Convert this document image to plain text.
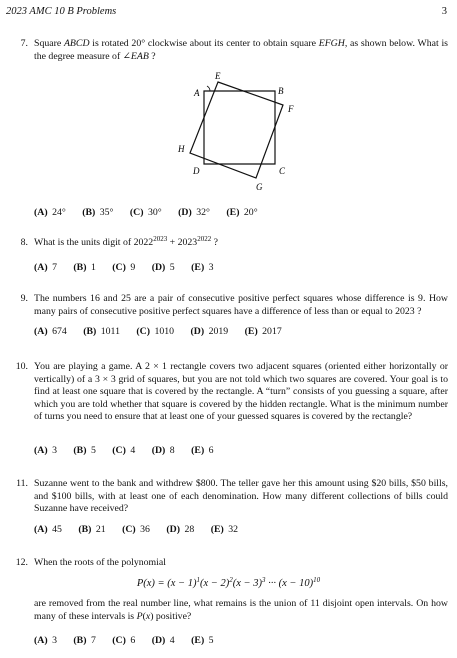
2023 AMC 10 B Problems	3
7. Square ABCD is rotated 20° clockwise about its center to obtain square EFGH, as shown below. What is the degree measure of ∠EAB ?
A	B
C
D
E
F
G
H
(A) 24° (B) 35° (C) 30° (D) 32° (E) 20°
8. What is the units digit of $2022^{2023} + 2023^{2022}$ ?
(A) 7 (B) 1 (C) 9 (D) 5 (E) 3
9. The numbers 16 and 25 are a pair of consecutive positive perfect squares whose difference is 9. How many pairs of consecutive positive perfect squares have a difference of less than or equal to 2023 ?
(A) 674 (B) 1011 (C) 1010 (D) 2019 (E) 2017
10. You are playing a game. A 2 × 1 rectangle covers two adjacent squares (oriented either horizontally or vertically) of a 3 × 3 grid of squares, but you are not told which two squares are covered. Your goal is to find at least one square that is covered by the rectangle. A “turn” consists of you guessing a square, after which you are told whether that square is covered by the hidden rectangle. What is the minimum number of turns you need to ensure that at least one of your guessed squares is covered by the rectangle?
(A) 3 (B) 5 (C) 4 (D) 8 (E) 6
11. Suzanne went to the bank and withdrew $800. The teller gave her this amount using $20 bills, $50 bills, and $100 bills, with at least one of each denomination. How many different collections of bills could Suzanne have received?
(A) 45 (B) 21 (C) 36 (D) 28 (E) 32
12. When the roots of the polynomial
$P(x) = (x - 1)^1(x - 2)^2(x - 3)^3$ ··· $(x - 10)^{10}$
are removed from the real number line, what remains is the union of 11 disjoint open intervals. On how many of these intervals is P(x) positive?
(A) 3 (B) 7 (C) 6 (D) 4 (E) 5
